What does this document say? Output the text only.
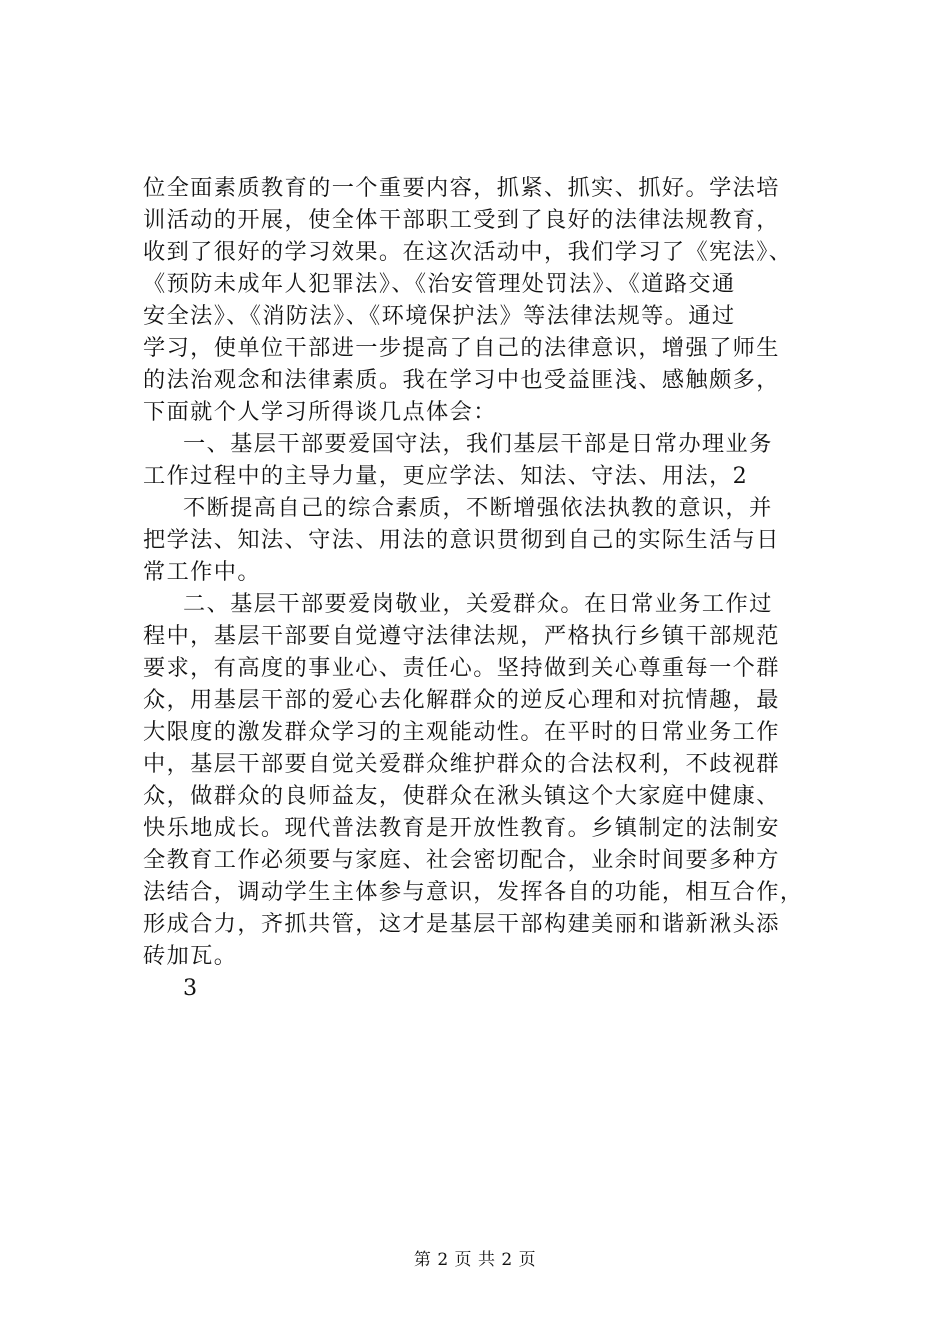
位全面素质教育的一个重要内容，抓紧、抓实、抓好。学法培
训活动的开展，使全体干部职工受到了良好的法律法规教育，
收到了很好的学习效果。在这次活动中，我们学习了《宪法》、
《预防未成年人犯罪法》、《治安管理处罚法》、《道路交通
安全法》、《消防法》、《环境保护法》等法律法规等。通过
学习，使单位干部进一步提高了自己的法律意识，增强了师生
的法治观念和法律素质。我在学习中也受益匪浅、感触颇多，
下面就个人学习所得谈几点体会：
一、基层干部要爱国守法，我们基层干部是日常办理业务
工作过程中的主导力量，更应学法、知法、守法、用法，2
不断提高自己的综合素质，不断增强依法执教的意识，并
把学法、知法、守法、用法的意识贯彻到自己的实际生活与日
常工作中。
二、基层干部要爱岗敬业，关爱群众。在日常业务工作过
程中，基层干部要自觉遵守法律法规，严格执行乡镇干部规范
要求，有高度的事业心、责任心。坚持做到关心尊重每一个群
众，用基层干部的爱心去化解群众的逆反心理和对抗情趣，最
大限度的激发群众学习的主观能动性。在平时的日常业务工作
中，基层干部要自觉关爱群众维护群众的合法权利，不歧视群
众，做群众的良师益友，使群众在湫头镇这个大家庭中健康、
快乐地成长。现代普法教育是开放性教育。乡镇制定的法制安
全教育工作必须要与家庭、社会密切配合，业余时间要多种方
法结合，调动学生主体参与意识，发挥各自的功能，相互合作，
形成合力，齐抓共管，这才是基层干部构建美丽和谐新湫头添
砖加瓦。
3
第 2 页 共 2 页
